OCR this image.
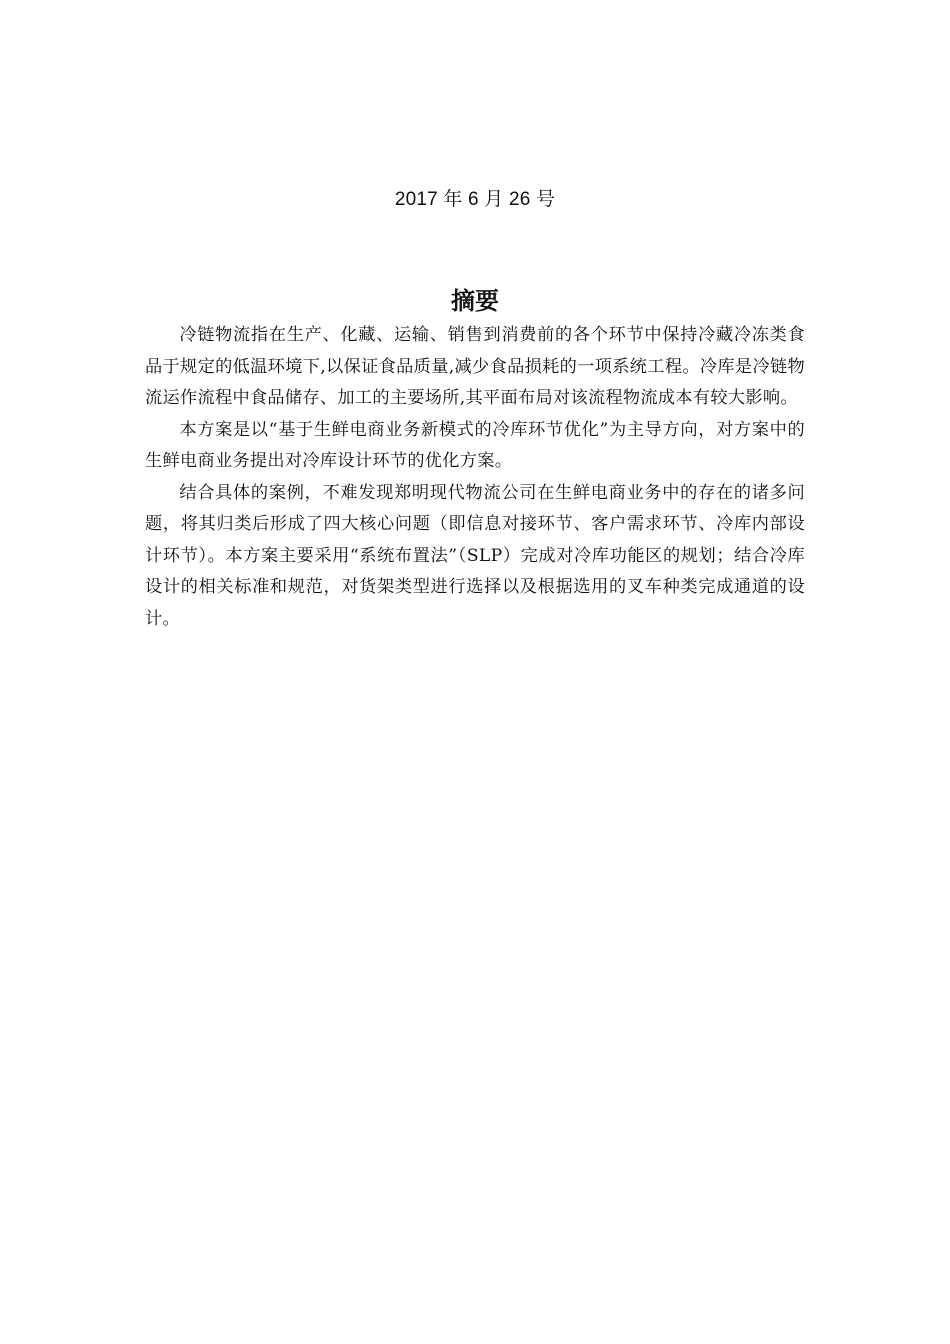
2017 年 6 月 26 号
摘要

冷链物流指在生产、化藏、运输、销售到消费前的各个环节中保持冷藏冷冻类食品于规定的低温环境下,以保证食品质量,减少食品损耗的一项系统工程。冷库是冷链物流运作流程中食品储存、加工的主要场所,其平面布局对该流程物流成本有较大影响。

本方案是以“基于生鲜电商业务新模式的冷库环节优化”为主导方向，对方案中的生鲜电商业务提出对冷库设计环节的优化方案。

结合具体的案例，不难发现郑明现代物流公司在生鲜电商业务中的存在的诸多问题，将其归类后形成了四大核心问题（即信息对接环节、客户需求环节、冷库内部设计环节）。本方案主要采用“系统布置法”（SLP）完成对冷库功能区的规划；结合冷库设计的相关标准和规范，对货架类型进行选择以及根据选用的叉车种类完成通道的设计。
